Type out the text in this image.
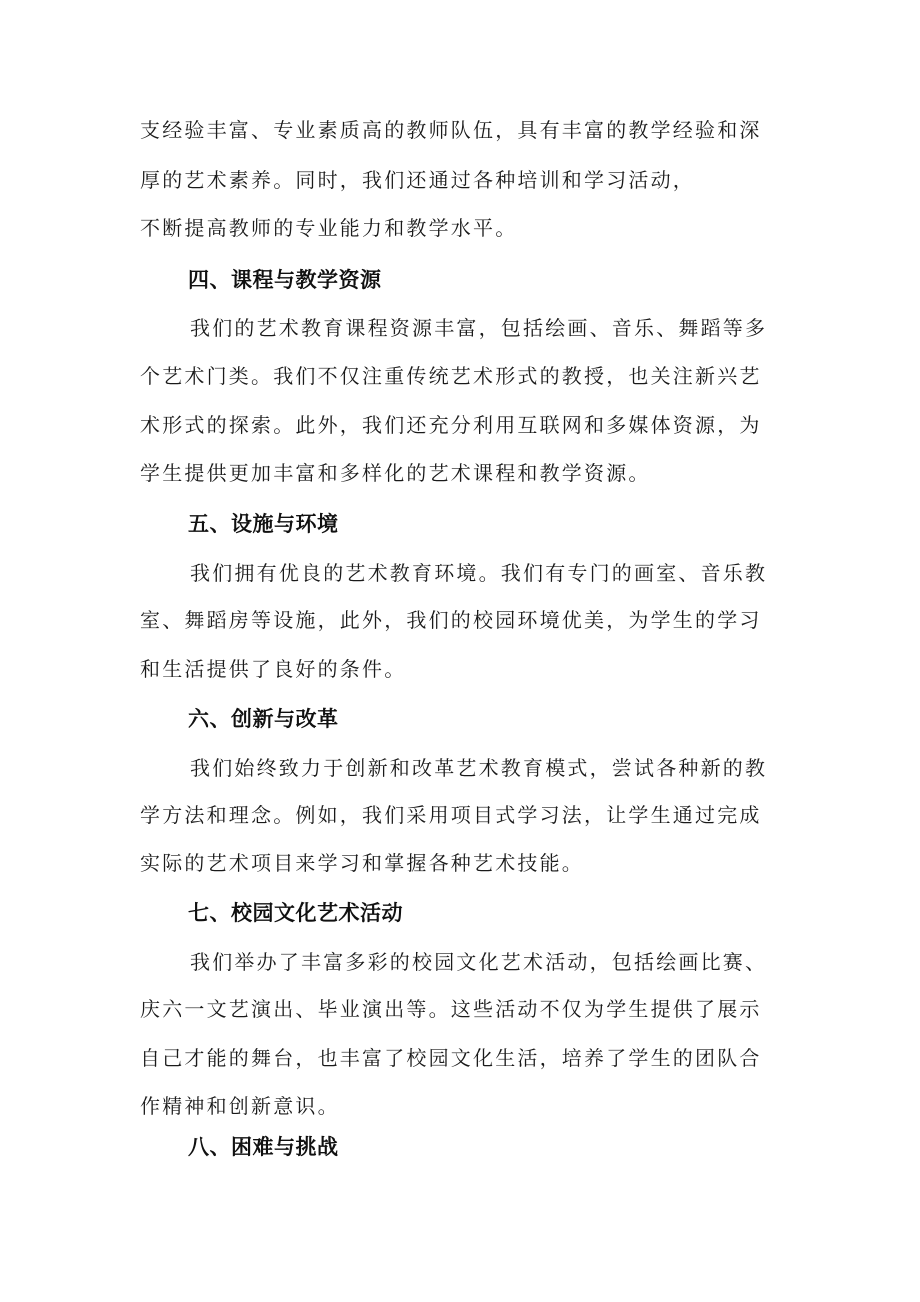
支经验丰富、专业素质高的教师队伍，具有丰富的教学经验和深
厚的艺术素养。同时，我们还通过各种培训和学习活动，
不断提高教师的专业能力和教学水平。
四、课程与教学资源
我们的艺术教育课程资源丰富，包括绘画、音乐、舞蹈等多
个艺术门类。我们不仅注重传统艺术形式的教授，也关注新兴艺
术形式的探索。此外，我们还充分利用互联网和多媒体资源，为
学生提供更加丰富和多样化的艺术课程和教学资源。
五、设施与环境
我们拥有优良的艺术教育环境。我们有专门的画室、音乐教
室、舞蹈房等设施，此外，我们的校园环境优美，为学生的学习
和生活提供了良好的条件。
六、创新与改革
我们始终致力于创新和改革艺术教育模式，尝试各种新的教
学方法和理念。例如，我们采用项目式学习法，让学生通过完成
实际的艺术项目来学习和掌握各种艺术技能。
七、校园文化艺术活动
我们举办了丰富多彩的校园文化艺术活动，包括绘画比赛、
庆六一文艺演出、毕业演出等。这些活动不仅为学生提供了展示
自己才能的舞台，也丰富了校园文化生活，培养了学生的团队合
作精神和创新意识。
八、困难与挑战
